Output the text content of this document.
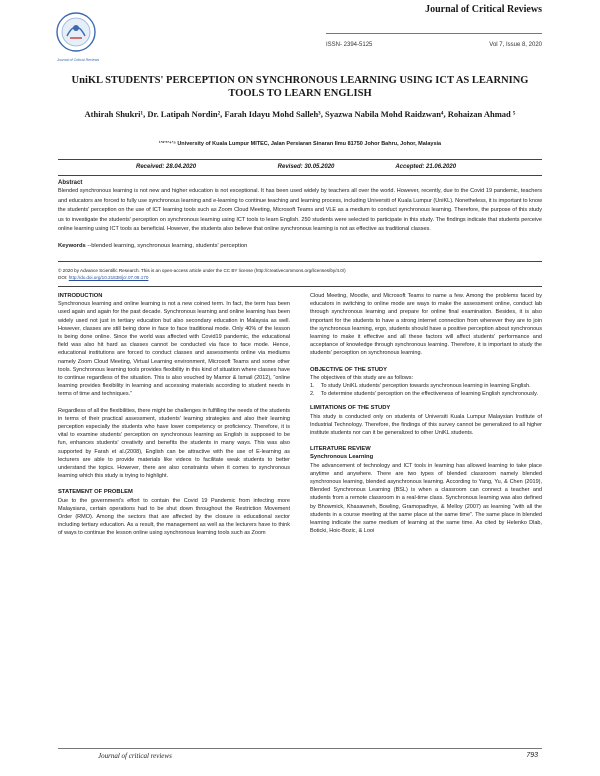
Journal of Critical Reviews
Journal of Critical Reviews
ISSN- 2394-5125	Vol 7, Issue 8, 2020
UniKL STUDENTS' PERCEPTION ON SYNCHRONOUS LEARNING USING ICT AS LEARNING TOOLS TO LEARN ENGLISH
Athirah Shukri¹, Dr. Latipah Nordin², Farah Idayu Mohd Salleh³, Syazwa Nabila Mohd Raidzwan⁴, Rohaizan Ahmad ⁵
¹ʼ²ʼ³ʼ⁴ʼ⁵ University of Kuala Lumpur MITEC, Jalan Persiaran Sinaran Ilmu 81750 Johor Bahru, Johor, Malaysia
Received: 28.04.2020	Revised: 30.05.2020	Accepted: 21.06.2020
Abstract
Blended synchronous learning is not new and higher education is not exceptional. It has been used widely by teachers all over the world. However, recently, due to the Covid 19 pandemic, teachers and educators are forced to fully use synchronous learning and e-learning to continue teaching and learning process, including Universiti of Kuala Lumpur (UniKL). Nonetheless, it is important to know the students' perception on the use of ICT learning tools such as Zoom Cloud Meeting, Microsoft Teams and VLE as a medium to conduct synchronous learning. Therefore, the purpose of this study us to investigate the students' perception on synchronous learning using ICT tools to learn English. 250 students were selected to participate in this study. The findings indicate that students perceive online learning using ICT tools as beneficial. However, the students also believe that online synchronous learning is not as effective as traditional classes.
Keywords --blended learning, synchronous learning, students' perception
© 2020 by Advance Scientific Research. This is an open-access article under the CC BY license (http://creativecommons.org/licenses/by/4.0/)
DOI: http://dx.doi.org/10.31838/jcr.07.08.170
INTRODUCTION

Synchronous learning and online learning is not a new coined term. In fact, the term has been used again and again for the past decade. Synchronous learning and online learning has been widely used not just in tertiary education but also secondary education in Malaysia as well. However, classes are still being done in face to face traditional mode. Only 40% of the lesson is being done online. Since the world was affected with Covid19 pandemic, the educational field was also hit hard as classes cannot be conducted via face to face mode. Hence, educational institutions are forced to conduct classes and assessments online via mediums namely Zoom Cloud Meeting, Virtual Learning environment, Microsoft Teams and some other tools. Synchronous learning tools provides flexibility in this kind of situation where classes have to continue regardless of the situation. This is also vouched by Mamor & Ismail (2012), “online learning provides flexibility in learning and accessing materials according to student needs in terms of time and techniques.”

Regardless of all the flexibilities, there might be challenges in fulfilling the needs of the students in terms of their practical assessment, students' learning strategies and also their learning perception especially the students who have lower competency or proficiency. Therefore, it is vital to examine students' perception on synchronous learning as English is supposed to be fun, enhances students' creativity and benefits the students in many ways. This was also supported by Farah et al.(2008), English can be attractive with the use of E-learning as lecturers are able to provide materials like videos to facilitate weak students to better understand the topics. However, there are also constraints when it comes to synchronous learning which this study is trying to highlight.

STATEMENT OF PROBLEM

Due to the government's effort to contain the Covid 19 Pandemic from infecting more Malaysians, certain operations had to be shut down throughout the Restriction Movement Order (RMO). Among the sectors that are affected by the closure is educational sector including tertiary education. As a result, the management as well as the lecturers have to think of ways to continue the lesson online using synchronous learning tools such as Zoom

Cloud Meeting, Moodle, and Microsoft Teams to name a few. Among the problems faced by educators in switching to online mode are ways to make the assessment online, conduct lab through synchronous learning and prepare for online final examination. Besides, it is also important for the students to have a strong internet connection from wherever they are to join the synchronous learning, ergo, students should have a positive perception about synchronous learning to make it effective and all these factors will affect students' performance and acceptance of knowledge through synchronous learning. Therefore, it is important to study the students' perception on synchronous learning.

OBJECTIVE OF THE STUDY
The objectives of this study are as follows:
1.    To study UniKL students' perception towards synchronous learning in learning English.
2.    To determine students' perception on the effectiveness of learning English synchronously.
LIMITATIONS OF THE STUDY

This study is conducted only on students of Universiti Kuala Lumpur Malaysian Institute of Industrial Technology. Therefore, the findings of this survey cannot be generalized to all higher institute students nor can it be generalized to other UniKL students.

LITERATURE REVIEW
Synchronous Learning

The advancement of technology and ICT tools in learning has allowed learning to take place anytime and anywhere. There are two types of blended classroom namely blended synchronous learning, blended asynchronous learning. According to Yang, Yu, & Chen (2019), Blended Synchronous Learning (BSL) is when a classroom can connect a teacher and students from a remote classroom in a real-time class. Synchronous learning was also defined by Bhowmick, Khasawneh, Bowling, Gramopadhye, & Melloy (2007) as learning “with all the students in a course meeting at the same place at the same time”. The same place in blended learning indicate the same medium of learning at the same time. As cited by Helenko Dlab, Boticki, Hoic-Bozic, & Looi

Journal of critical reviews	793
